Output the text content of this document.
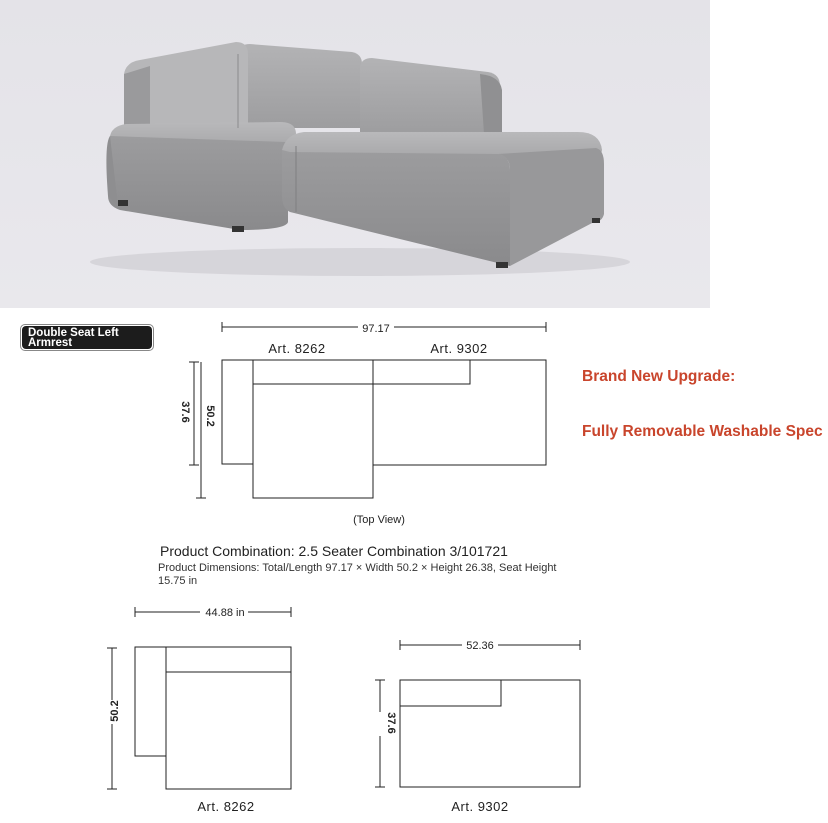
Double Seat Left Armrest
Brand New Upgrade:
Fully Removable Washable Spec
97.17
Art. 8262	Art. 9302
37.6 50.2
(Top View)
44.88 in
50.2
Art. 8262
52.36
37.6
Art. 9302
Product Combination: 2.5 Seater Combination 3/101721
Product Dimensions: Total/Length 97.17 × Width 50.2 × Height 26.38, Seat Height 15.75 in
